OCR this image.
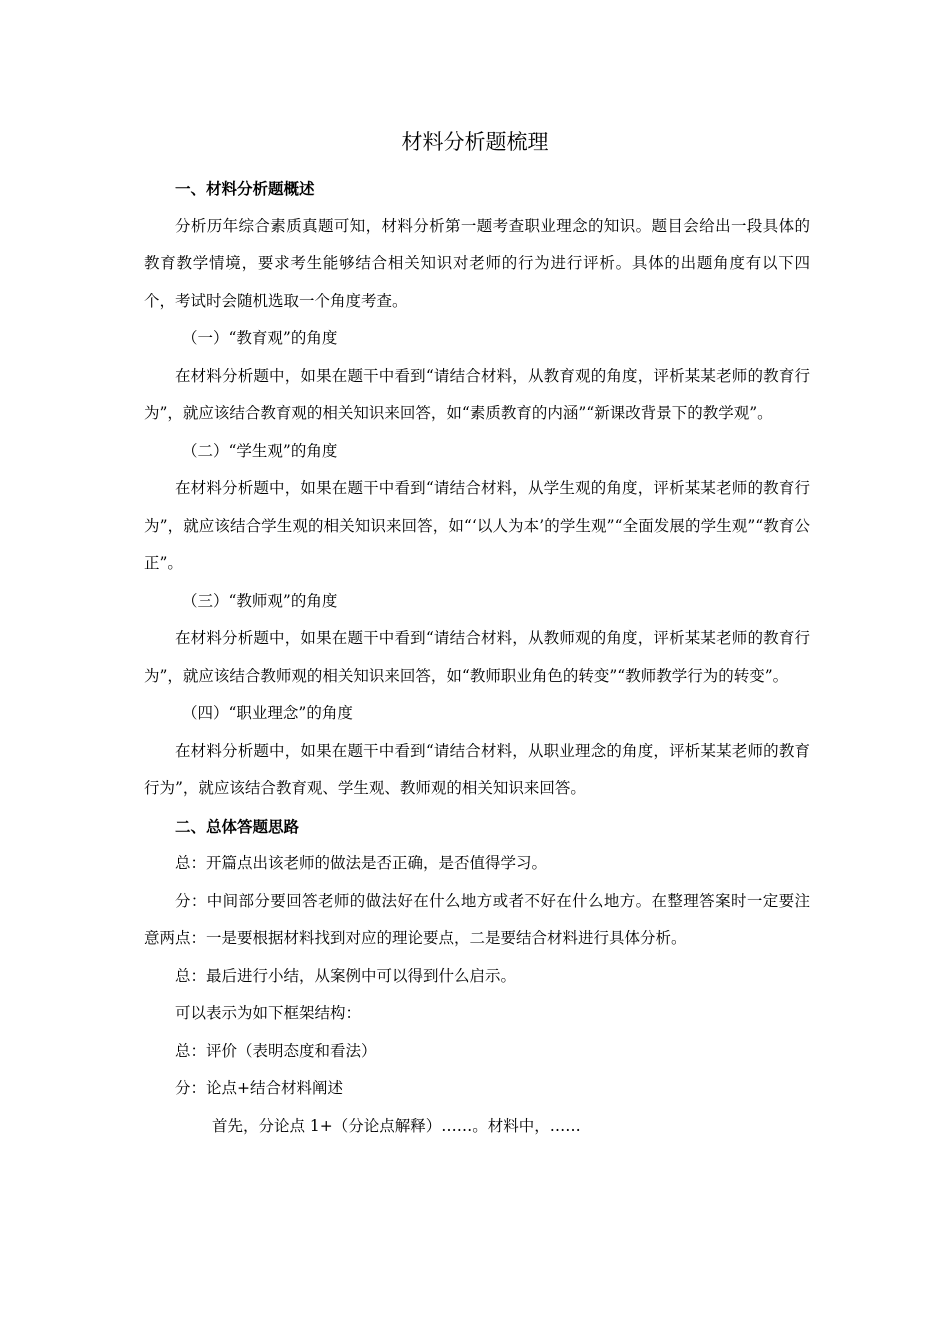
材料分析题梳理

一、材料分析题概述

分析历年综合素质真题可知，材料分析第一题考查职业理念的知识。题目会给出一段具体的教育教学情境，要求考生能够结合相关知识对老师的行为进行评析。具体的出题角度有以下四个，考试时会随机选取一个角度考查。

（一）“教育观”的角度

在材料分析题中，如果在题干中看到“请结合材料，从教育观的角度，评析某某老师的教育行为”，就应该结合教育观的相关知识来回答，如“素质教育的内涵”“新课改背景下的教学观”。

（二）“学生观”的角度

在材料分析题中，如果在题干中看到“请结合材料，从学生观的角度，评析某某老师的教育行为”，就应该结合学生观的相关知识来回答，如“‘以人为本’的学生观”“全面发展的学生观”“教育公正”。

（三）“教师观”的角度

在材料分析题中，如果在题干中看到“请结合材料，从教师观的角度，评析某某老师的教育行为”，就应该结合教师观的相关知识来回答，如“教师职业角色的转变”“教师教学行为的转变”。

（四）“职业理念”的角度

在材料分析题中，如果在题干中看到“请结合材料，从职业理念的角度，评析某某老师的教育行为”，就应该结合教育观、学生观、教师观的相关知识来回答。

二、总体答题思路

总：开篇点出该老师的做法是否正确，是否值得学习。

分：中间部分要回答老师的做法好在什么地方或者不好在什么地方。在整理答案时一定要注意两点：一是要根据材料找到对应的理论要点，二是要结合材料进行具体分析。

总：最后进行小结，从案例中可以得到什么启示。

可以表示为如下框架结构：

总：评价（表明态度和看法）

分：论点+结合材料阐述

首先，分论点 1+（分论点解释）……。材料中，……
